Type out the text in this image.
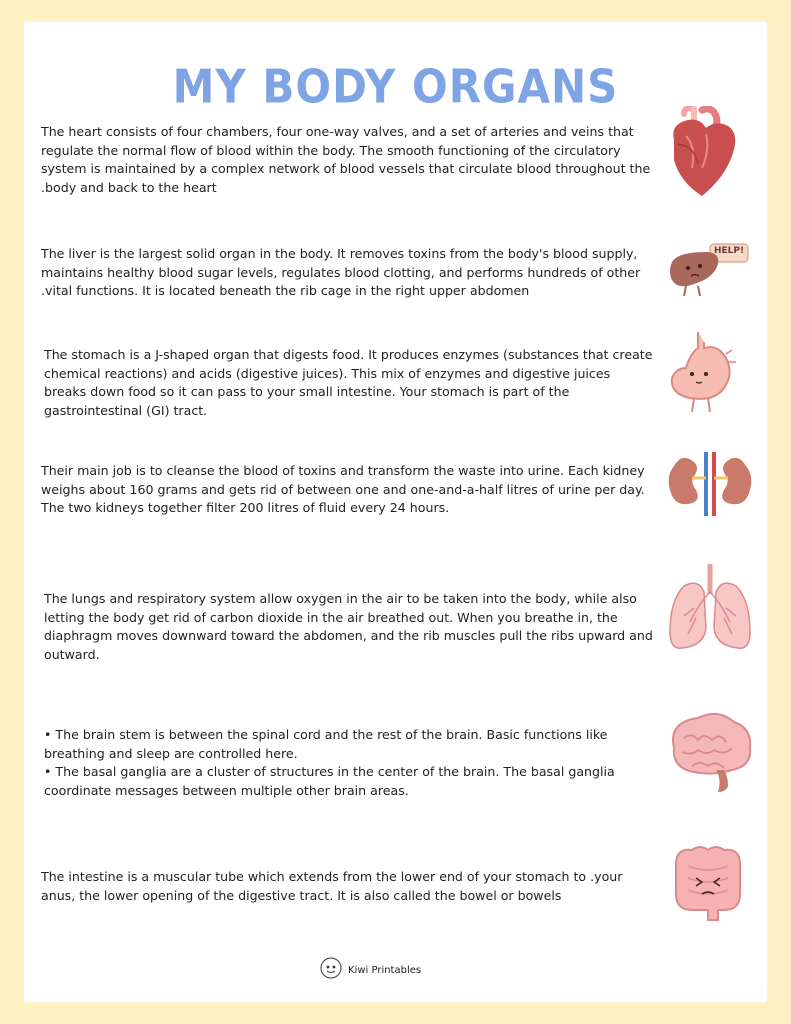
MY BODY ORGANS
The heart consists of four chambers, four one-way valves, and a set of arteries and veins that regulate the normal flow of blood within the body. The smooth functioning of the circulatory system is maintained by a complex network of blood vessels that circulate blood throughout the .body and back to the heart
The liver is the largest solid organ in the body. It removes toxins from the body's blood supply, maintains healthy blood sugar levels, regulates blood clotting, and performs hundreds of other .vital functions. It is located beneath the rib cage in the right upper abdomen
HELP!
The stomach is a J-shaped organ that digests food. It produces enzymes (substances that create chemical reactions) and acids (digestive juices). This mix of enzymes and digestive juices breaks down food so it can pass to your small intestine. Your stomach is part of the gastrointestinal (GI) tract.
Their main job is to cleanse the blood of toxins and transform the waste into urine. Each kidney weighs about 160 grams and gets rid of between one and one-and-a-half litres of urine per day. The two kidneys together filter 200 litres of fluid every 24 hours.
The lungs and respiratory system allow oxygen in the air to be taken into the body, while also letting the body get rid of carbon dioxide in the air breathed out. When you breathe in, the diaphragm moves downward toward the abdomen, and the rib muscles pull the ribs upward and outward.
• The brain stem is between the spinal cord and the rest of the brain. Basic functions like breathing and sleep are controlled here.
• The basal ganglia are a cluster of structures in the center of the brain. The basal ganglia coordinate messages between multiple other brain areas.
The intestine is a muscular tube which extends from the lower end of your stomach to .your anus, the lower opening of the digestive tract. It is also called the bowel or bowels
Kiwi Printables
